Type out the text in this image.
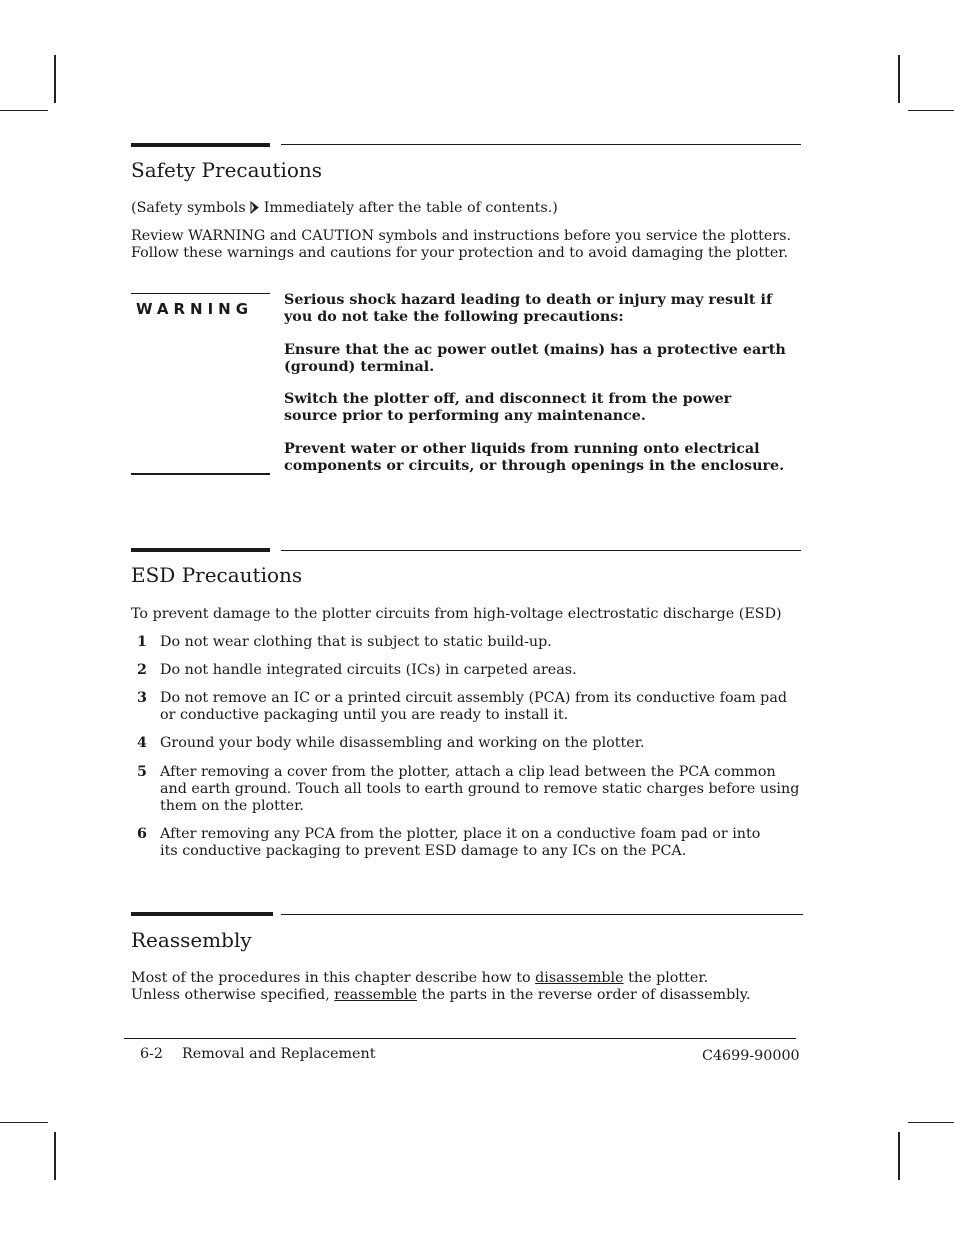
Safety Precautions
(Safety symbols Immediately after the table of contents.)
Review WARNING and CAUTION symbols and instructions before you service the plotters.
Follow these warnings and cautions for your protection and to avoid damaging the plotter.
WARNING Serious shock hazard leading to death or injury may result if you do not take the following precautions:
Ensure that the ac power outlet (mains) has a protective earth (ground) terminal.
Switch the plotter off, and disconnect it from the power source prior to performing any maintenance.
Prevent water or other liquids from running onto electrical components or circuits, or through openings in the enclosure.
ESD Precautions
To prevent damage to the plotter circuits from high-voltage electrostatic discharge (ESD)
1 Do not wear clothing that is subject to static build-up.
2 Do not handle integrated circuits (ICs) in carpeted areas.
3 Do not remove an IC or a printed circuit assembly (PCA) from its conductive foam pad or conductive packaging until you are ready to install it.
4 Ground your body while disassembling and working on the plotter.
5 After removing a cover from the plotter, attach a clip lead between the PCA common and earth ground. Touch all tools to earth ground to remove static charges before using them on the plotter.
6 After removing any PCA from the plotter, place it on a conductive foam pad or into its conductive packaging to prevent ESD damage to any ICs on the PCA.
Reassembly

Most of the procedures in this chapter describe how to disassemble the plotter. Unless otherwise specified, reassemble the parts in the reverse order of disassembly.

6-2 Removal and Replacement	C4699-90000
